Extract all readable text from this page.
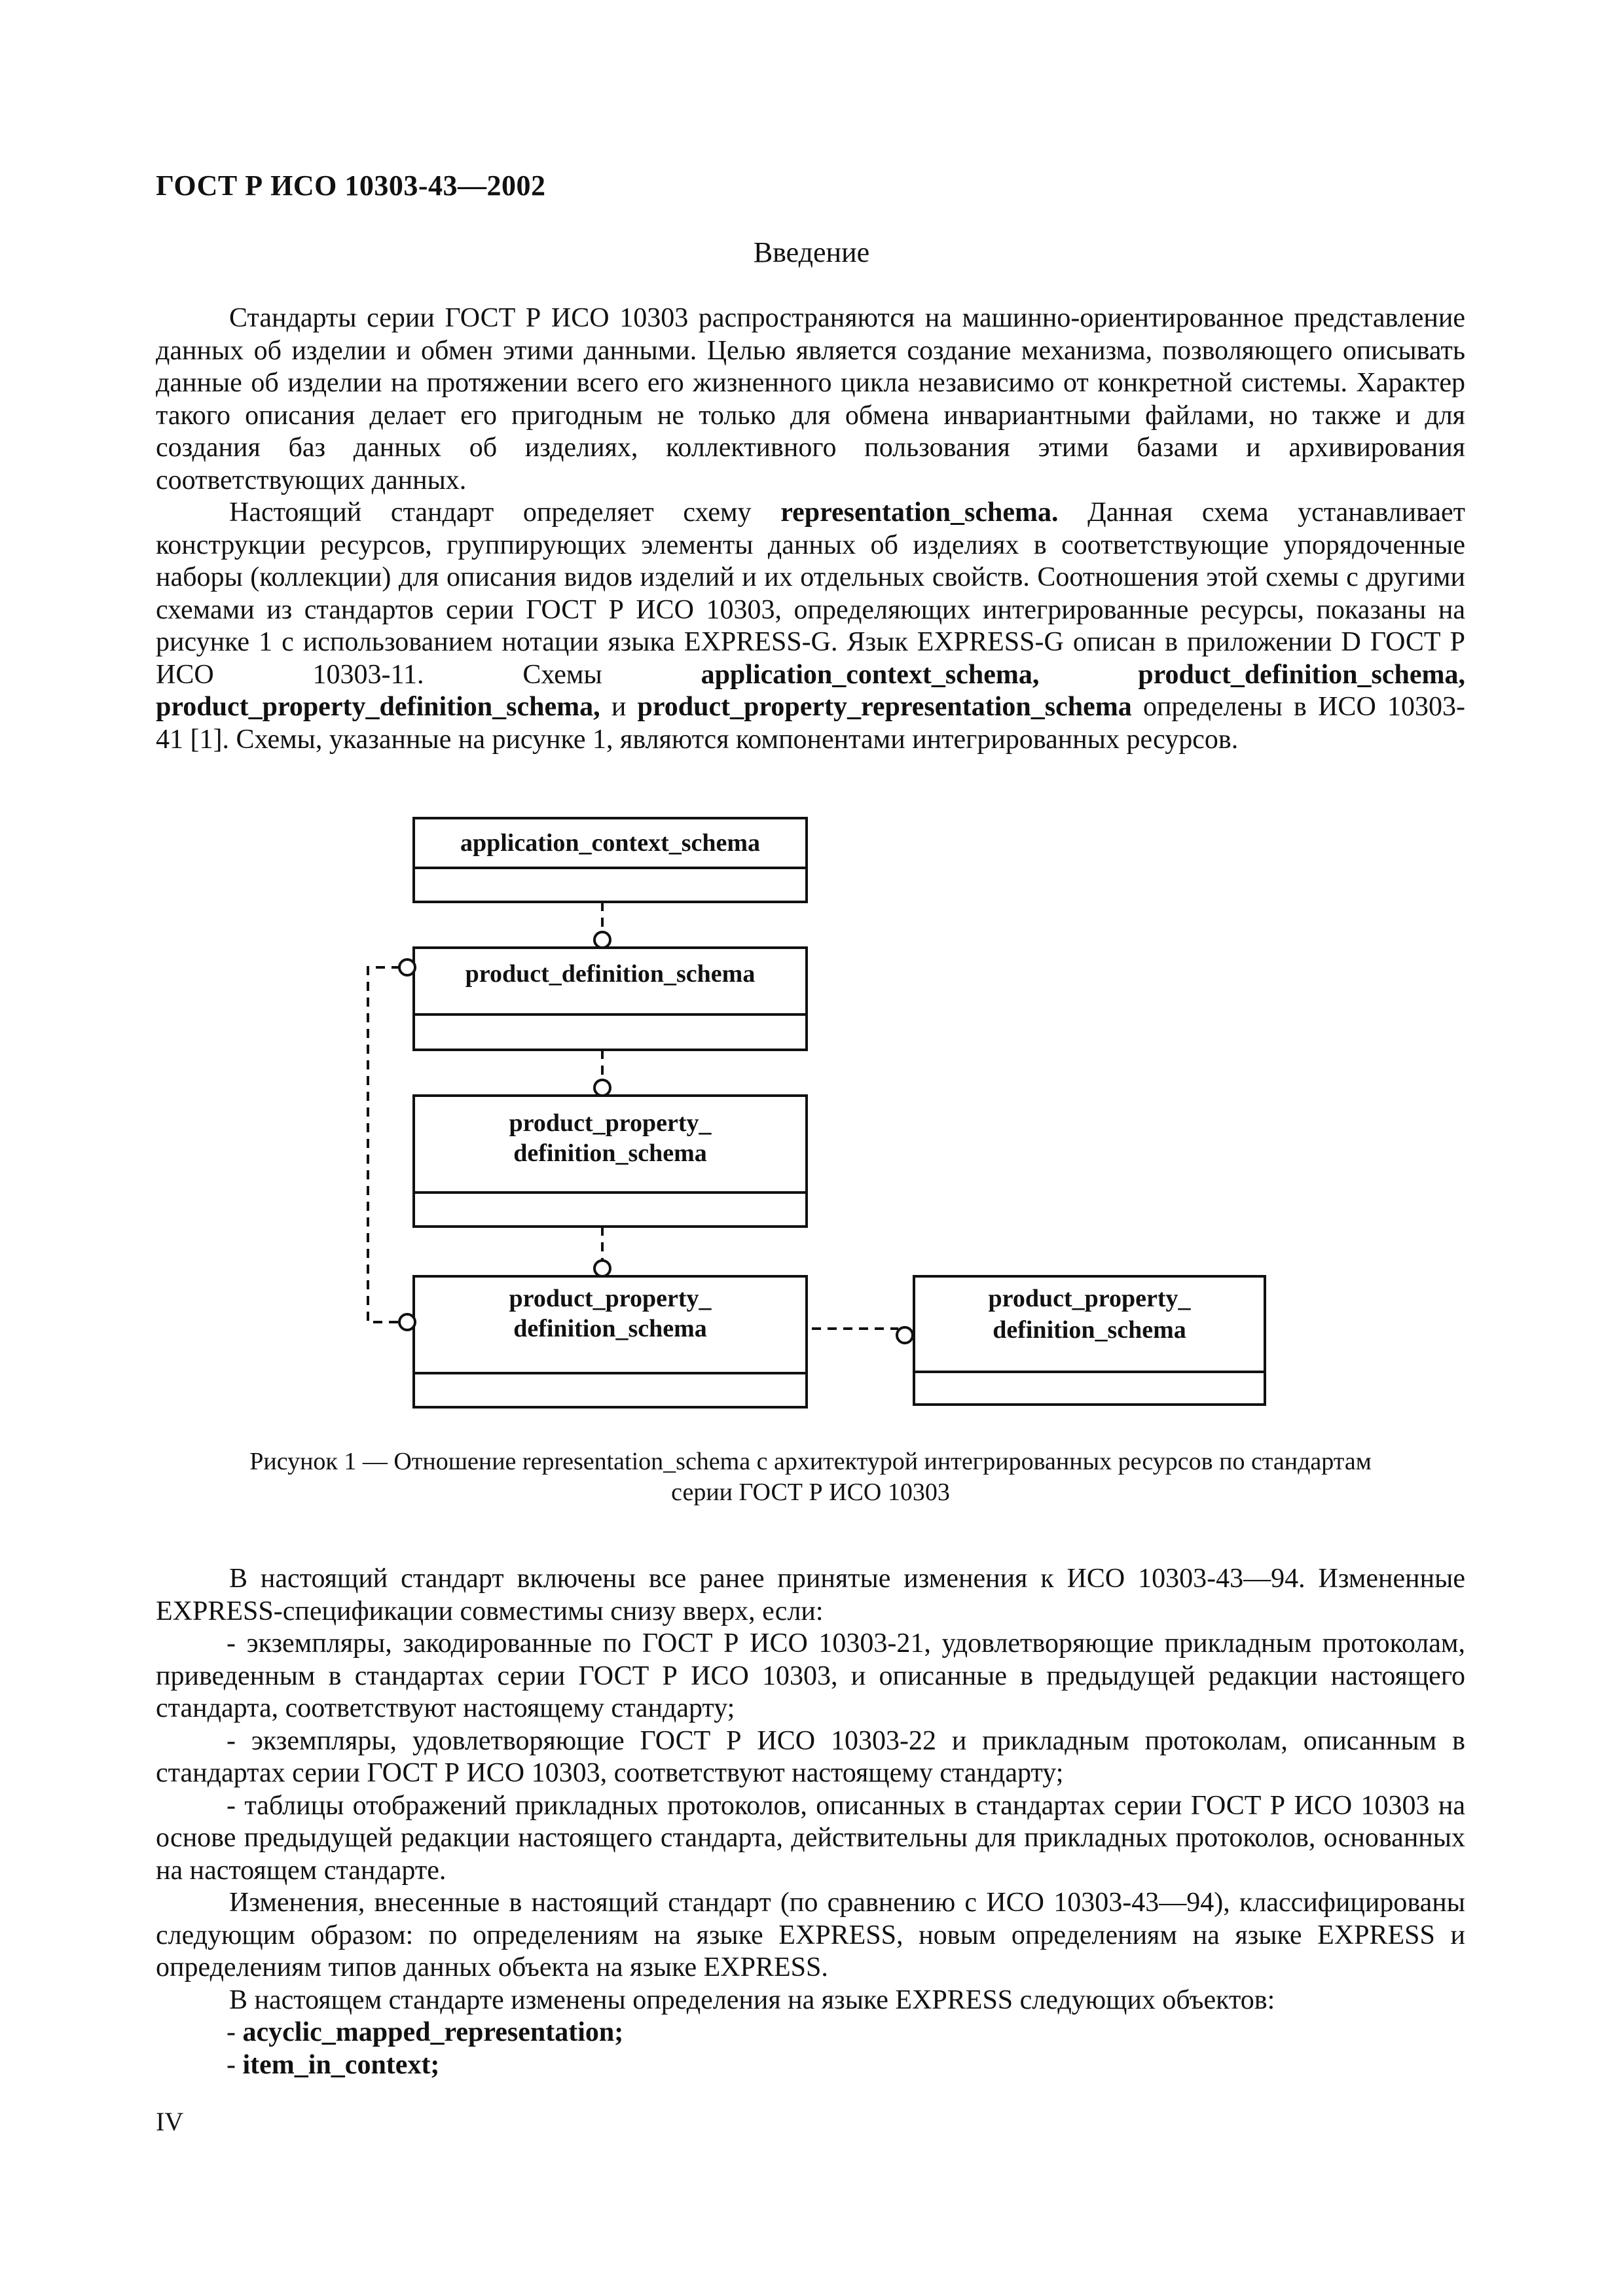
ГОСТ Р ИСО 10303-43—2002
Введение

Стандарты серии ГОСТ Р ИСО 10303 распространяются на машинно-ориентированное представление данных об изделии и обмен этими данными. Целью является создание механизма, позволяющего описывать данные об изделии на протяжении всего его жизненного цикла независимо от конкретной системы. Характер такого описания делает его пригодным не только для обмена инвариантными файлами, но также и для создания баз данных об изделиях, коллективного пользования этими базами и архивирования соответствующих данных.

Настоящий стандарт определяет схему representation_schema. Данная схема устанавливает конструкции ресурсов, группирующих элементы данных об изделиях в соответствующие упорядоченные наборы (коллекции) для описания видов изделий и их отдельных свойств. Соотношения этой схемы с другими схемами из стандартов серии ГОСТ Р ИСО 10303, определяющих интегрированные ресурсы, показаны на рисунке 1 с использованием нотации языка EXPRESS-G. Язык EXPRESS-G описан в приложении D ГОСТ Р ИСО 10303-11. Схемы application_context_schema, product_definition_schema, product_property_definition_schema, и product_property_representation_schema определены в ИСО 10303-41 [1]. Схемы, указанные на рисунке 1, являются компонентами интегрированных ресурсов.

application_context_schema
product_definition_schema
product_property_
definition_schema
product_property_
definition_schema
product_property_
definition_schema
Рисунок 1 — Отношение representation_schema с архитектурой интегрированных ресурсов по стандартам
серии ГОСТ Р ИСО 10303

В настоящий стандарт включены все ранее принятые изменения к ИСО 10303-43—94. Измененные EXPRESS-спецификации совместимы снизу вверх, если:

- экземпляры, закодированные по ГОСТ Р ИСО 10303-21, удовлетворяющие прикладным протоколам, приведенным в стандартах серии ГОСТ Р ИСО 10303, и описанные в предыдущей редакции настоящего стандарта, соответствуют настоящему стандарту;

- экземпляры, удовлетворяющие ГОСТ Р ИСО 10303-22 и прикладным протоколам, описанным в стандартах серии ГОСТ Р ИСО 10303, соответствуют настоящему стандарту;

- таблицы отображений прикладных протоколов, описанных в стандартах серии ГОСТ Р ИСО 10303 на основе предыдущей редакции настоящего стандарта, действительны для прикладных протоколов, основанных на настоящем стандарте.

Изменения, внесенные в настоящий стандарт (по сравнению с ИСО 10303-43—94), классифицированы следующим образом: по определениям на языке EXPRESS, новым определениям на языке EXPRESS и определениям типов данных объекта на языке EXPRESS.

В настоящем стандарте изменены определения на языке EXPRESS следующих объектов:

- acyclic_mapped_representation;

- item_in_context;

IV
